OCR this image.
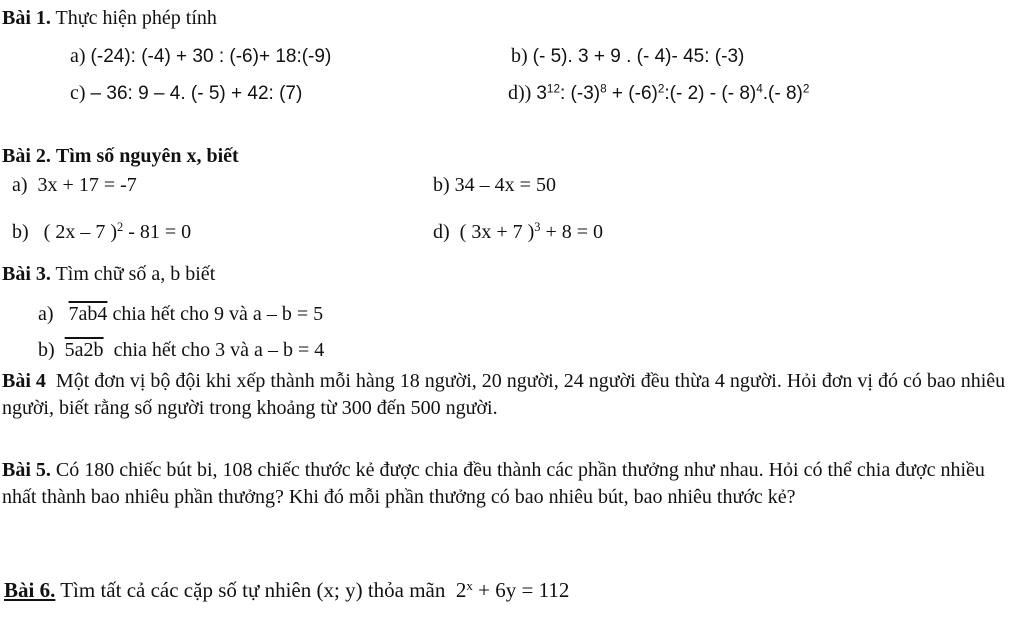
Bài 1. Thực hiện phép tính
a) (-24): (-4) + 30 : (-6)+ 18:(-9)	b) (- 5). 3 + 9 . (- 4)- 45: (-3)
c) – 36: 9 – 4. (- 5) + 42: (7)	d)) $3^{12}$: $(-3)^8$ + $(-6)^2:(-$ 2) - (- 8)$^4$.(- 8)$^2$
Bài 2. Tìm số nguyên x, biết
a) 3x + 17 = -7	b) 34 – 4x = 50
b) ( 2x – 7 )$^2$ - 81 = 0	d) ( 3x + 7 )$^3$ + 8 = 0
Bài 3. Tìm chữ số a, b biết
a) 7ab4 chia hết cho 9 và a – b = 5
b) 5a2b chia hết cho 3 và a – b = 4
Bài 4 Một đơn vị bộ đội khi xếp thành mỗi hàng 18 người, 20 người, 24 người đều thừa 4 người. Hỏi đơn vị đó có bao nhiêu người, biết rằng số người trong khoảng từ 300 đến 500 người.
Bài 5. Có 180 chiếc bút bi, 108 chiếc thước kẻ được chia đều thành các phần thưởng như nhau. Hỏi có thể chia được nhiều nhất thành bao nhiêu phần thưởng? Khi đó mỗi phần thưởng có bao nhiêu bút, bao nhiêu thước kẻ?
Bài 6. Tìm tất cả các cặp số tự nhiên (x; y) thỏa mãn $2^x + 6y = 112$
